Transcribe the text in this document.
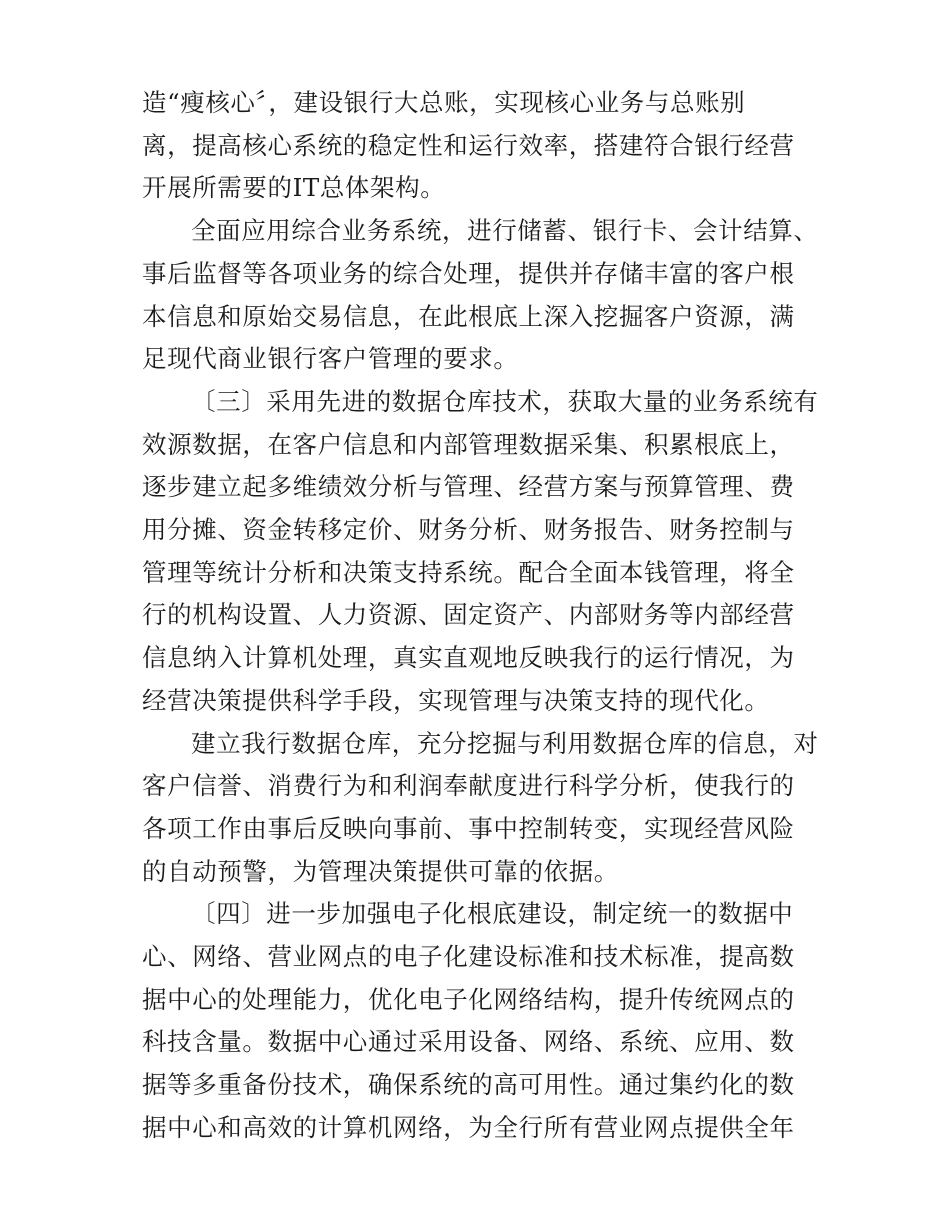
造“瘦核心〞，建设银行大总账，实现核心业务与总账别
离，提高核心系统的稳定性和运行效率，搭建符合银行经营
开展所需要的IT总体架构。
全面应用综合业务系统，进行储蓄、银行卡、会计结算、
事后监督等各项业务的综合处理，提供并存储丰富的客户根
本信息和原始交易信息，在此根底上深入挖掘客户资源，满
足现代商业银行客户管理的要求。
〔三〕采用先进的数据仓库技术，获取大量的业务系统有
效源数据，在客户信息和内部管理数据采集、积累根底上，
逐步建立起多维绩效分析与管理、经营方案与预算管理、费
用分摊、资金转移定价、财务分析、财务报告、财务控制与
管理等统计分析和决策支持系统。配合全面本钱管理，将全
行的机构设置、人力资源、固定资产、内部财务等内部经营
信息纳入计算机处理，真实直观地反映我行的运行情况，为
经营决策提供科学手段，实现管理与决策支持的现代化。
建立我行数据仓库，充分挖掘与利用数据仓库的信息，对
客户信誉、消费行为和利润奉献度进行科学分析，使我行的
各项工作由事后反映向事前、事中控制转变，实现经营风险
的自动预警，为管理决策提供可靠的依据。
〔四〕进一步加强电子化根底建设，制定统一的数据中
心、网络、营业网点的电子化建设标准和技术标准，提高数
据中心的处理能力，优化电子化网络结构，提升传统网点的
科技含量。数据中心通过采用设备、网络、系统、应用、数
据等多重备份技术，确保系统的高可用性。通过集约化的数
据中心和高效的计算机网络，为全行所有营业网点提供全年
